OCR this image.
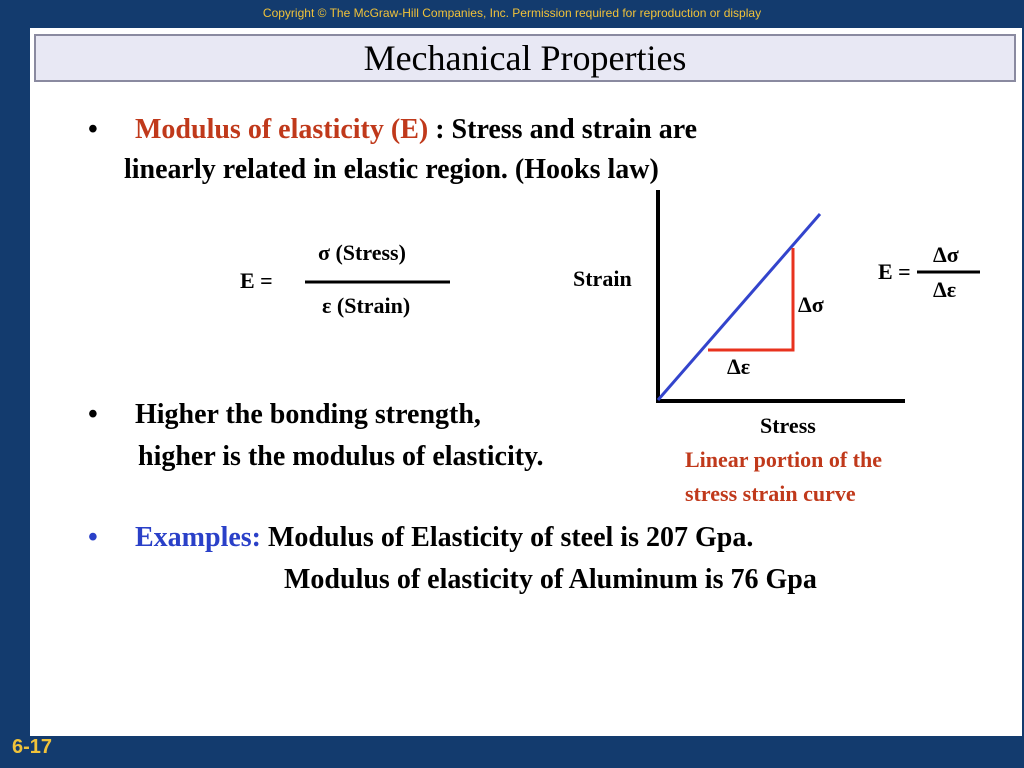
Copyright © The McGraw-Hill Companies, Inc. Permission required for reproduction or display
Mechanical Properties
• Modulus of elasticity (E) : Stress and strain are
linearly related in elastic region. (Hooks law)
E =
σ (Stress)
ε (Strain)
Strain
Stress
Δσ
Δε
Linear portion of the
stress strain curve
E =
Δσ
Δε
• Higher the bonding strength,
higher is the modulus of elasticity.
• Examples: Modulus of Elasticity of steel is 207 Gpa.
Modulus of elasticity of Aluminum is 76 Gpa
6-17
